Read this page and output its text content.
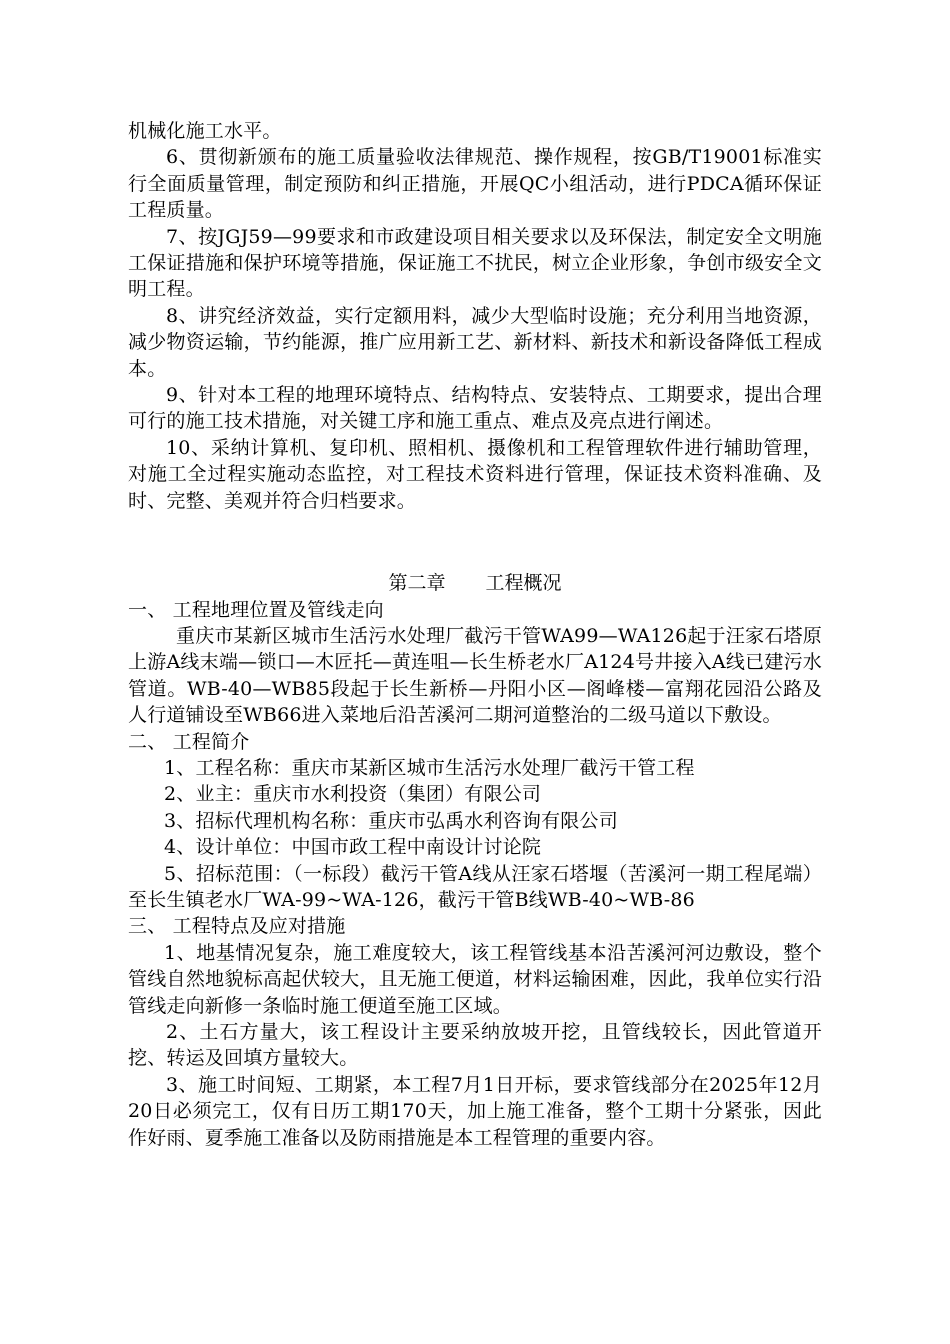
机械化施工水平。

6、贯彻新颁布的施工质量验收法律规范、操作规程，按GB/T19001标准实行全面质量管理，制定预防和纠正措施，开展QC小组活动，进行PDCA循环保证工程质量。

7、按JGJ59—99要求和市政建设项目相关要求以及环保法，制定安全文明施工保证措施和保护环境等措施，保证施工不扰民，树立企业形象，争创市级安全文明工程。

8、讲究经济效益，实行定额用料，减少大型临时设施；充分利用当地资源，减少物资运输，节约能源，推广应用新工艺、新材料、新技术和新设备降低工程成本。

9、针对本工程的地理环境特点、结构特点、安装特点、工期要求，提出合理可行的施工技术措施，对关键工序和施工重点、难点及亮点进行阐述。

10、采纳计算机、复印机、照相机、摄像机和工程管理软件进行辅助管理，对施工全过程实施动态监控，对工程技术资料进行管理，保证技术资料准确、及时、完整、美观并符合归档要求。

第二章 工程概况

一、 工程地理位置及管线走向

重庆市某新区城市生活污水处理厂截污干管WA99—WA126起于汪家石塔原上游A线末端—锁口—木匠托—黄连咀—长生桥老水厂A124号井接入A线已建污水管道。WB-40—WB85段起于长生新桥—丹阳小区—阁峰楼—富翔花园沿公路及人行道铺设至WB66进入菜地后沿苦溪河二期河道整治的二级马道以下敷设。

二、 工程简介

1、工程名称：重庆市某新区城市生活污水处理厂截污干管工程

2、业主：重庆市水利投资（集团）有限公司

3、招标代理机构名称：重庆市弘禹水利咨询有限公司

4、设计单位：中国市政工程中南设计讨论院

5、招标范围：（一标段）截污干管A线从汪家石塔堰（苦溪河一期工程尾端）至长生镇老水厂WA-99~WA-126，截污干管B线WB-40~WB-86

三、 工程特点及应对措施

1、地基情况复杂，施工难度较大，该工程管线基本沿苦溪河河边敷设，整个管线自然地貌标高起伏较大，且无施工便道，材料运输困难，因此，我单位实行沿管线走向新修一条临时施工便道至施工区域。

2、土石方量大，该工程设计主要采纳放坡开挖，且管线较长，因此管道开挖、转运及回填方量较大。

3、施工时间短、工期紧，本工程7月1日开标，要求管线部分在2025年12月20日必须完工，仅有日历工期170天，加上施工准备，整个工期十分紧张，因此作好雨、夏季施工准备以及防雨措施是本工程管理的重要内容。
